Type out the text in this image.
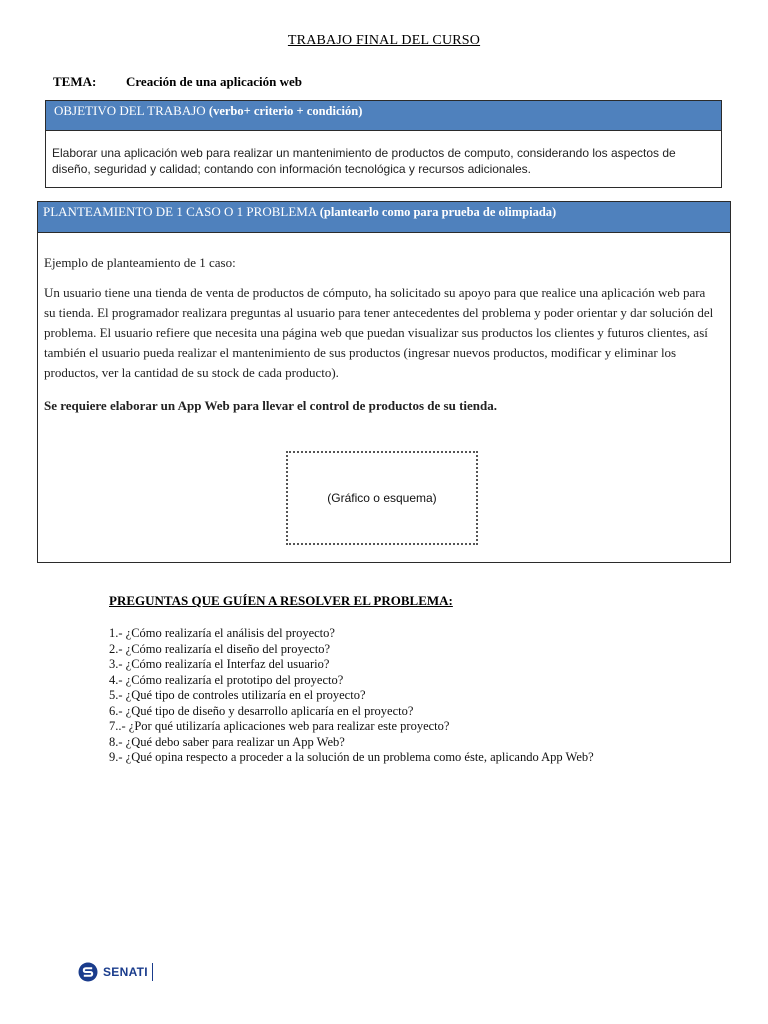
TRABAJO FINAL DEL CURSO
TEMA: Creación de una aplicación web
OBJETIVO DEL TRABAJO (verbo+ criterio + condición)
Elaborar una aplicación web para realizar un mantenimiento de productos de computo, considerando los aspectos de diseño, seguridad y calidad; contando con información tecnológica y recursos adicionales.
PLANTEAMIENTO DE 1 CASO O 1 PROBLEMA (plantearlo como para prueba de olimpiada)

Ejemplo de planteamiento de 1 caso:

Un usuario tiene una tienda de venta de productos de cómputo, ha solicitado su apoyo para que realice una aplicación web para su tienda. El programador realizara preguntas al usuario para tener antecedentes del problema y poder orientar y dar solución del problema. El usuario refiere que necesita una página web que puedan visualizar sus productos los clientes y futuros clientes, así también el usuario pueda realizar el mantenimiento de sus productos (ingresar nuevos productos, modificar y eliminar los productos, ver la cantidad de su stock de cada producto).

Se requiere elaborar un App Web para llevar el control de productos de su tienda.

(Gráfico o esquema)
PREGUNTAS QUE GUÍEN A RESOLVER EL PROBLEMA:
1.- ¿Cómo realizaría el análisis del proyecto?
2.- ¿Cómo realizaría el diseño del proyecto?
3.- ¿Cómo realizaría el Interfaz del usuario?
4.- ¿Cómo realizaría el prototipo del proyecto?
5.- ¿Qué tipo de controles utilizaría en el proyecto?
6.- ¿Qué tipo de diseño y desarrollo aplicaría en el proyecto?
7..- ¿Por qué utilizaría aplicaciones web para realizar este proyecto?
8.- ¿Qué debo saber para realizar un App Web?
9.- ¿Qué opina respecto a proceder a la solución de un problema como éste, aplicando App Web?
SENATI
